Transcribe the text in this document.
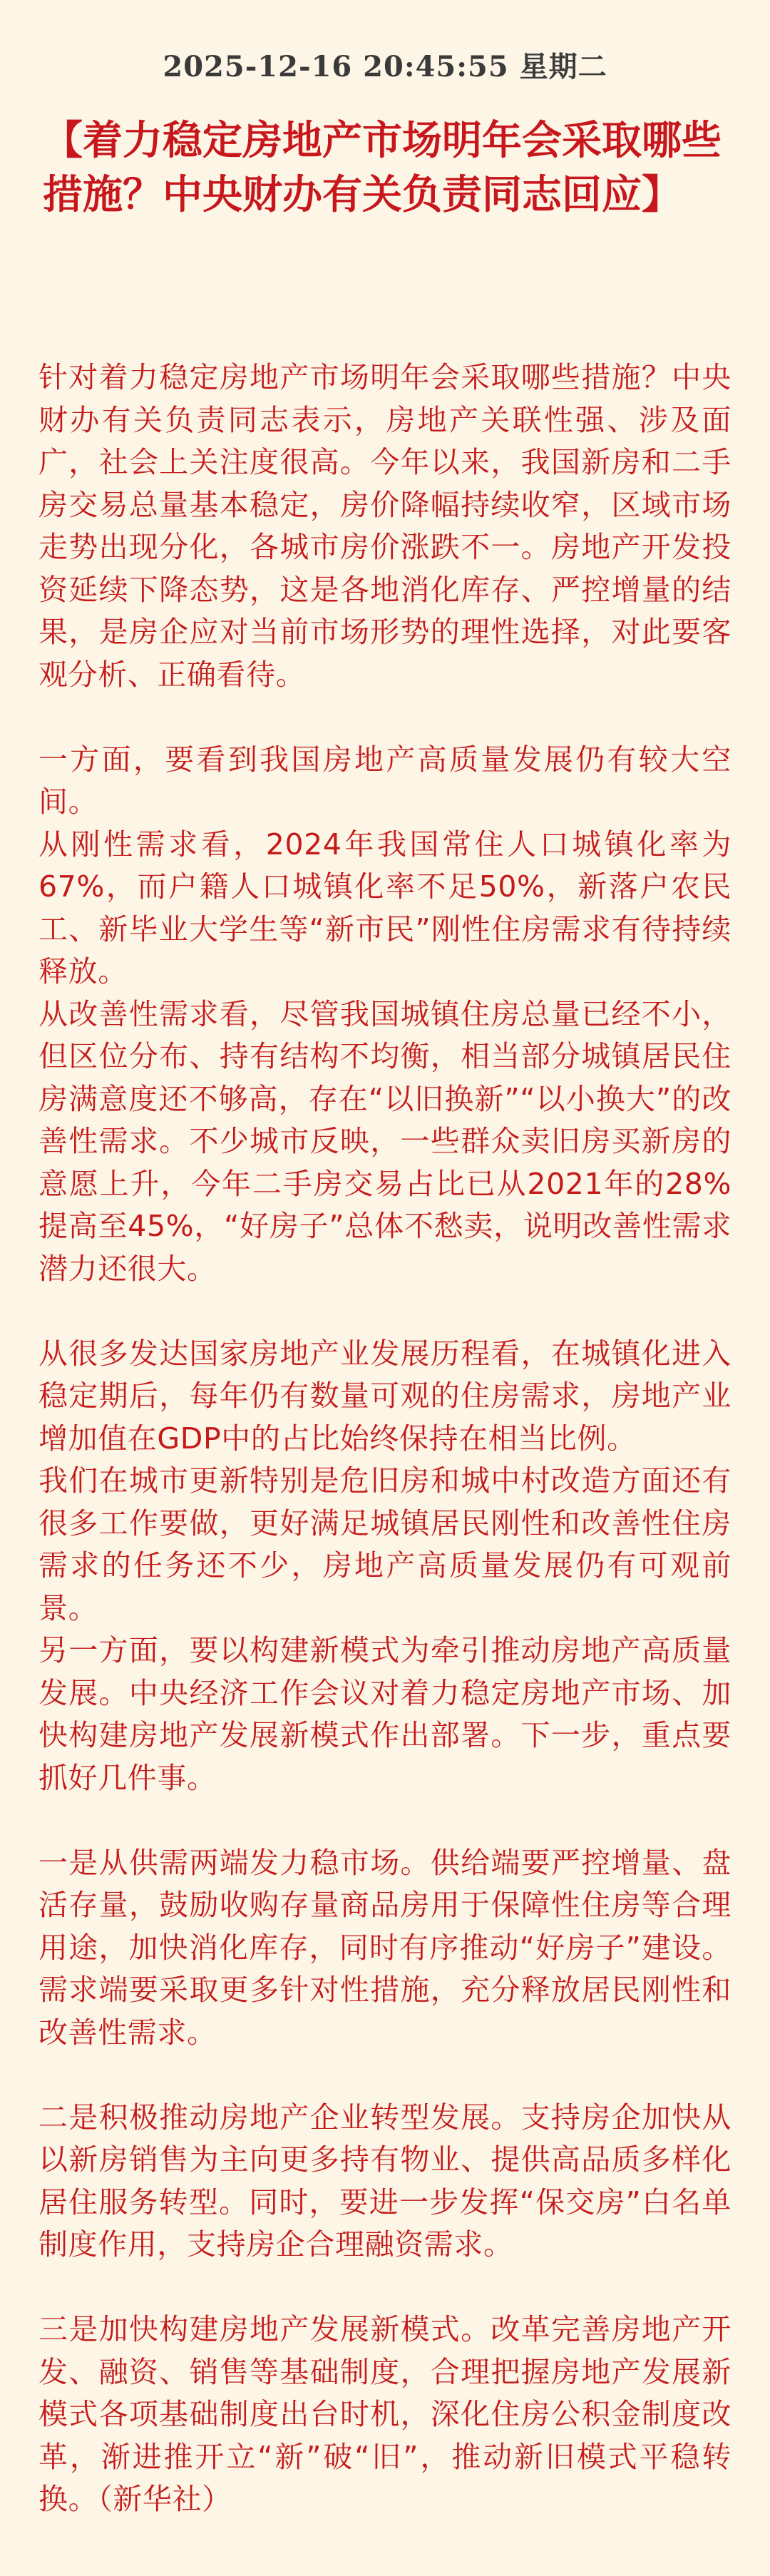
2025-12-16 20:45:55 星期二
【着力稳定房地产市场明年会采取哪些措施？中央财办有关负责同志回应】

针对着力稳定房地产市场明年会采取哪些措施？中央财办有关负责同志表示，房地产关联性强、涉及面广，社会上关注度很高。今年以来，我国新房和二手房交易总量基本稳定，房价降幅持续收窄，区域市场走势出现分化，各城市房价涨跌不一。房地产开发投资延续下降态势，这是各地消化库存、严控增量的结果，是房企应对当前市场形势的理性选择，对此要客观分析、正确看待。

一方面，要看到我国房地产高质量发展仍有较大空间。

从刚性需求看，2024年我国常住人口城镇化率为67%，而户籍人口城镇化率不足50%，新落户农民工、新毕业大学生等“新市民”刚性住房需求有待持续释放。

从改善性需求看，尽管我国城镇住房总量已经不小，但区位分布、持有结构不均衡，相当部分城镇居民住房满意度还不够高，存在“以旧换新”“以小换大”的改善性需求。不少城市反映，一些群众卖旧房买新房的意愿上升，今年二手房交易占比已从2021年的28%提高至45%，“好房子”总体不愁卖，说明改善性需求潜力还很大。

从很多发达国家房地产业发展历程看，在城镇化进入稳定期后，每年仍有数量可观的住房需求，房地产业增加值在GDP中的占比始终保持在相当比例。

我们在城市更新特别是危旧房和城中村改造方面还有很多工作要做，更好满足城镇居民刚性和改善性住房需求的任务还不少，房地产高质量发展仍有可观前景。

另一方面，要以构建新模式为牵引推动房地产高质量发展。中央经济工作会议对着力稳定房地产市场、加快构建房地产发展新模式作出部署。下一步，重点要抓好几件事。

一是从供需两端发力稳市场。供给端要严控增量、盘活存量，鼓励收购存量商品房用于保障性住房等合理用途，加快消化库存，同时有序推动“好房子”建设。需求端要采取更多针对性措施，充分释放居民刚性和改善性需求。

二是积极推动房地产企业转型发展。支持房企加快从以新房销售为主向更多持有物业、提供高品质多样化居住服务转型。同时，要进一步发挥“保交房”白名单制度作用，支持房企合理融资需求。

三是加快构建房地产发展新模式。改革完善房地产开发、融资、销售等基础制度，合理把握房地产发展新模式各项基础制度出台时机，深化住房公积金制度改革，渐进推开立“新”破“旧”，推动新旧模式平稳转换。（新华社）
